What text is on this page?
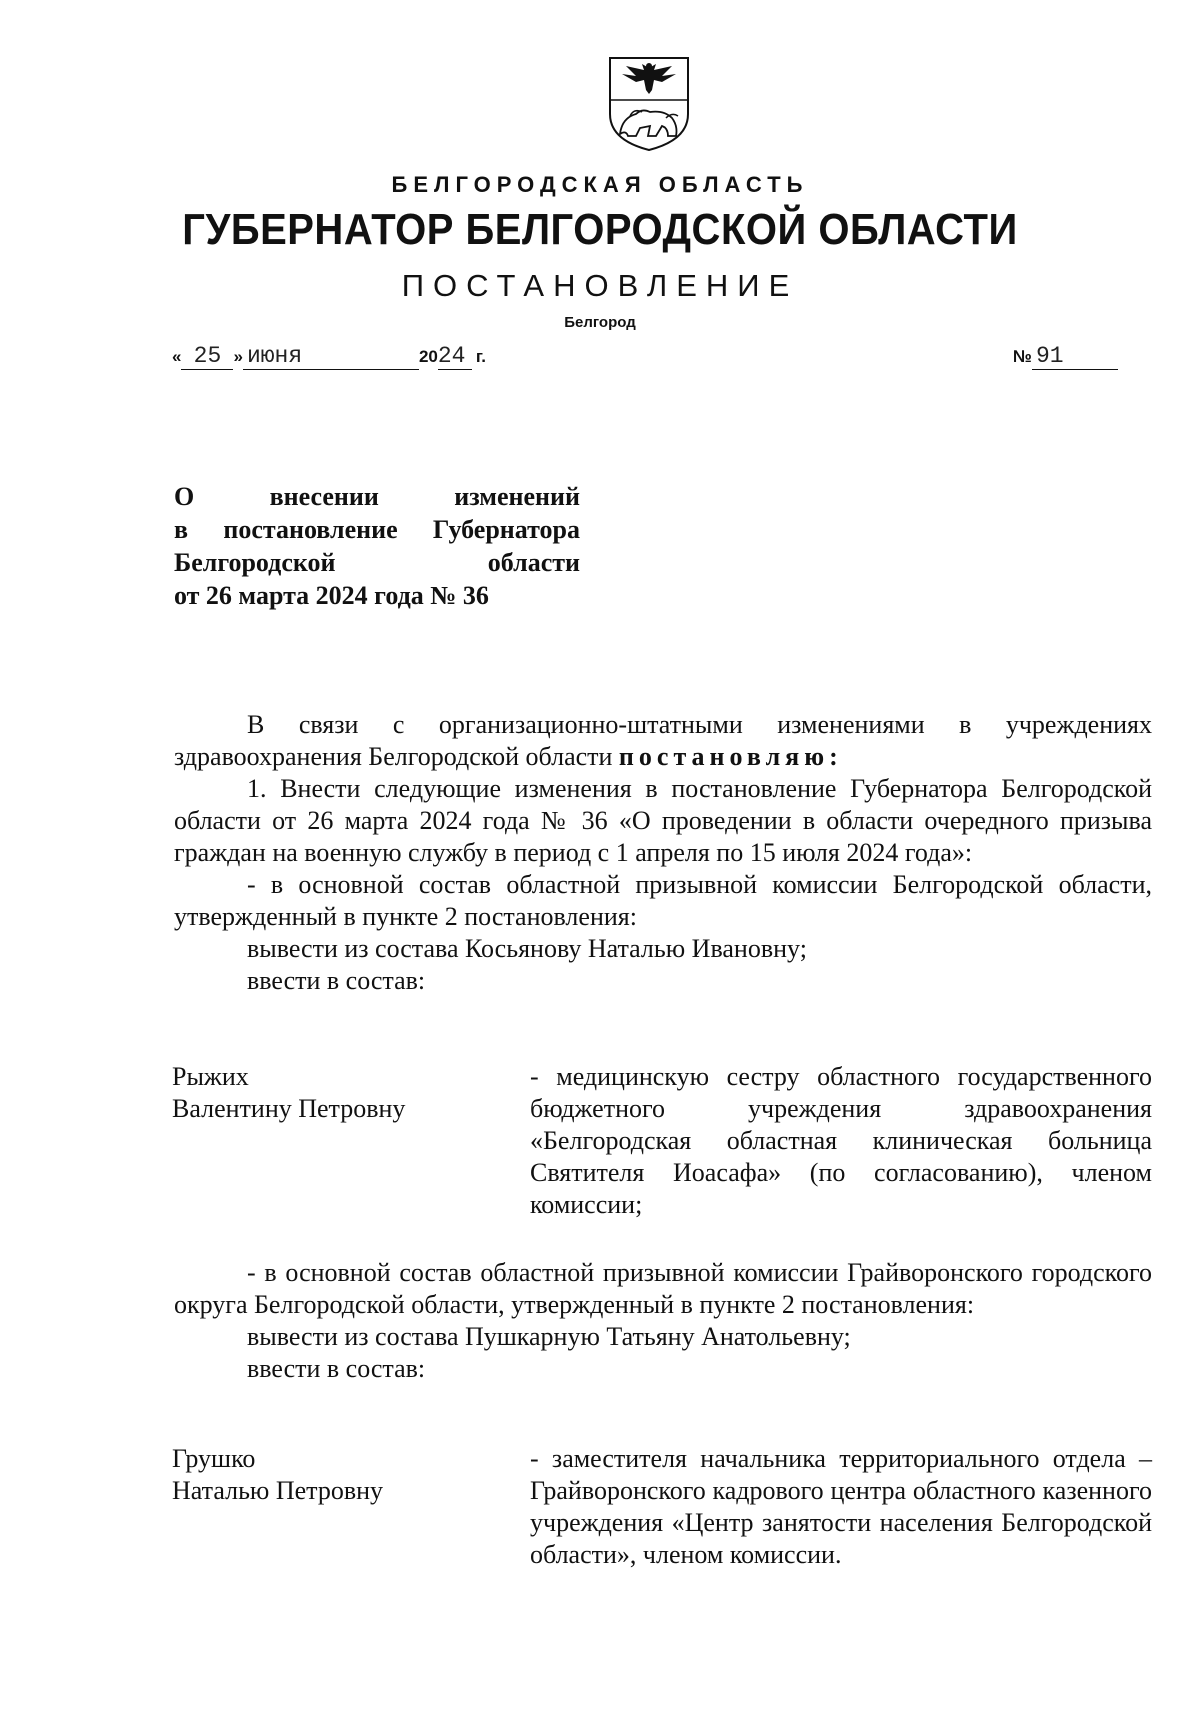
БЕЛГОРОДСКАЯ ОБЛАСТЬ
ГУБЕРНАТОР БЕЛГОРОДСКОЙ ОБЛАСТИ
ПОСТАНОВЛЕНИЕ
Белгород
« 25 » июня	2024 г.	№ 91
О внесении изменений
в постановление Губернатора
Белгородской области
от 26 марта 2024 года № 36
В связи с организационно-штатными изменениями в учреждениях здравоохранения Белгородской области постановляю:
1. Внести следующие изменения в постановление Губернатора Белгородской области от 26 марта 2024 года № 36 «О проведении в области очередного призыва граждан на военную службу в период с 1 апреля по 15 июля 2024 года»:
- в основной состав областной призывной комиссии Белгородской области, утвержденный в пункте 2 постановления:
вывести из состава Косьянову Наталью Ивановну;
ввести в состав:
Рыжих
Валентину Петровну
- медицинскую сестру областного государственного бюджетного учреждения здравоохранения «Белгородская областная клиническая больница Святителя Иоасафа» (по согласованию), членом комиссии;
- в основной состав областной призывной комиссии Грайворонского городского округа Белгородской области, утвержденный в пункте 2 постановления:
вывести из состава Пушкарную Татьяну Анатольевну;
ввести в состав:
Грушко
Наталью Петровну
- заместителя начальника территориального отдела – Грайворонского кадрового центра областного казенного учреждения «Центр занятости населения Белгородской области», членом комиссии.
